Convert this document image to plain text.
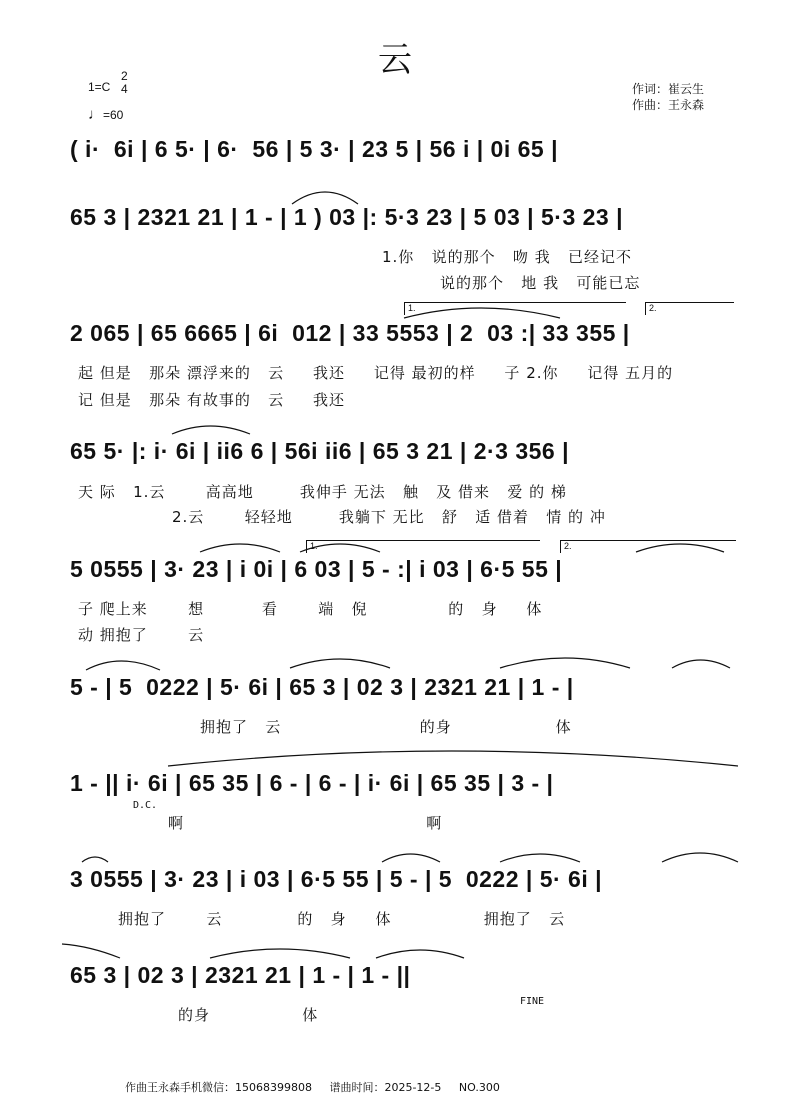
云
1=C
2
4
♩=60
作词：崔云生
作曲：王永森
( i·  6i | 6 5· | 6·  56 | 5 3· | 23 5 | 56 i | 0i 65 |
65 3 | 2321 21 | 1 - | 1 ) 03 |: 5·3 23 | 5 03 | 5·3 23 |
1.你   说的那个   吻 我   已经记不
说的那个   地 我   可能已忘
1.	2.
2 065 | 65 6665 | 6i  012 | 33 5553 | 2  03 :| 33 355 |
起 但是   那朵 漂浮来的   云     我还     记得 最初的样     子 2.你     记得 五月的
记 但是   那朵 有故事的   云     我还
65 5· |: i· 6i | ii6 6 | 56i ii6 | 65 3 21 | 2·3 356 |
天 际   1.云       高高地        我伸手 无法   触   及 借来   爱 的 梯
2.云       轻轻地        我躺下 无比   舒   适 借着   情 的 冲
1.	2.
5 0555 | 3· 23 | i 0i | 6 03 | 5 - :| i 03 | 6·5 55 |
子 爬上来       想          看       端   倪              的   身     体
动 拥抱了       云
5 - | 5  0222 | 5· 6i | 65 3 | 02 3 | 2321 21 | 1 - |
拥抱了   云                        的身                  体
1 - || i· 6i | 65 35 | 6 - | 6 - | i· 6i | 65 35 | 3 - |
D.C.
啊                                          啊
3 0555 | 3· 23 | i 03 | 6·5 55 | 5 - | 5  0222 | 5· 6i |
拥抱了       云             的   身     体                拥抱了   云
65 3 | 02 3 | 2321 21 | 1 - | 1 - ||
FINE
的身                体

作曲王永森手机微信：15068399808 谱曲时间：2025-12-5 NO.300
